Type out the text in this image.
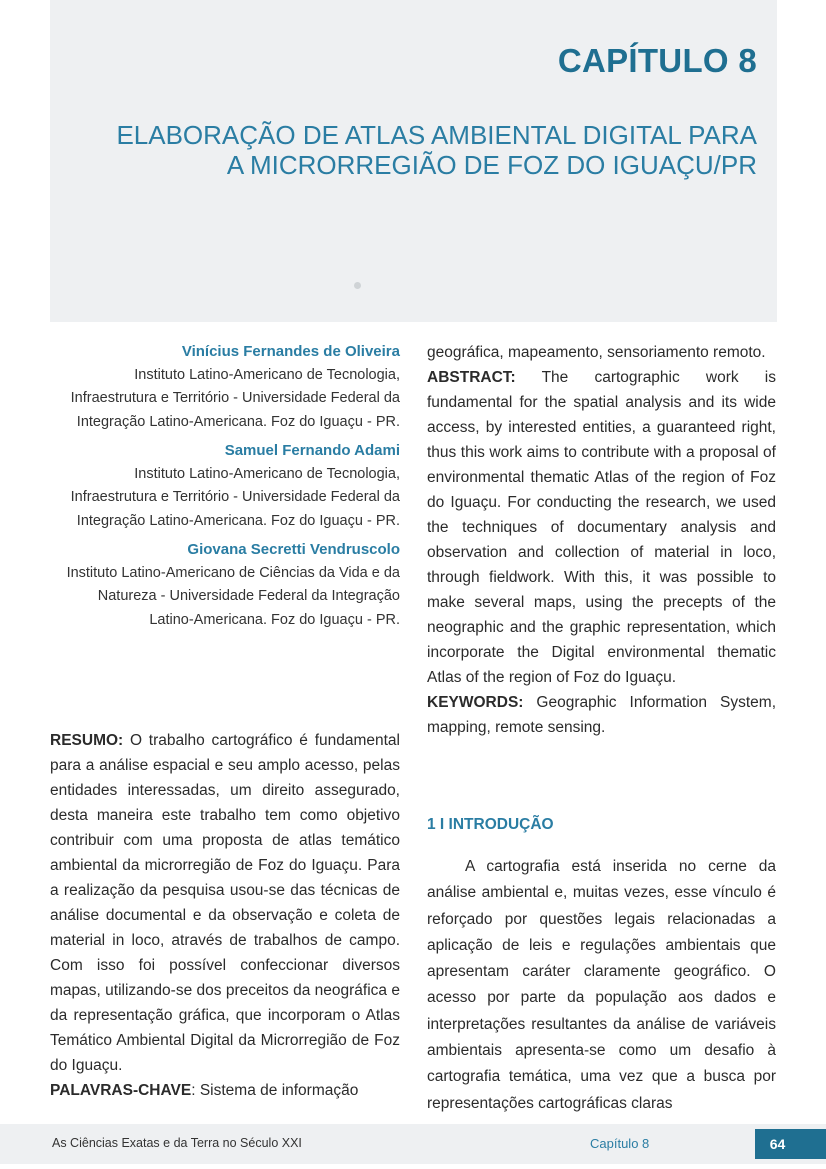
CAPÍTULO 8
ELABORAÇÃO DE ATLAS AMBIENTAL DIGITAL PARA
A MICRORREGIÃO DE FOZ DO IGUAÇU/PR
Vinícius Fernandes de Oliveira
Instituto Latino-Americano de Tecnologia, Infraestrutura e Território - Universidade Federal da Integração Latino-Americana. Foz do Iguaçu - PR.
Samuel Fernando Adami
Instituto Latino-Americano de Tecnologia, Infraestrutura e Território - Universidade Federal da Integração Latino-Americana. Foz do Iguaçu - PR.
Giovana Secretti Vendruscolo
Instituto Latino-Americano de Ciências da Vida e da Natureza - Universidade Federal da Integração Latino-Americana. Foz do Iguaçu - PR.

RESUMO: O trabalho cartográfico é fundamental para a análise espacial e seu amplo acesso, pelas entidades interessadas, um direito assegurado, desta maneira este trabalho tem como objetivo contribuir com uma proposta de atlas temático ambiental da microrregião de Foz do Iguaçu. Para a realização da pesquisa usou-se das técnicas de análise documental e da observação e coleta de material in loco, através de trabalhos de campo. Com isso foi possível confeccionar diversos mapas, utilizando-se dos preceitos da neográfica e da representação gráfica, que incorporam o Atlas Temático Ambiental Digital da Microrregião de Foz do Iguaçu.

PALAVRAS-CHAVE: Sistema de informação

geográfica, mapeamento, sensoriamento remoto.

ABSTRACT: The cartographic work is fundamental for the spatial analysis and its wide access, by interested entities, a guaranteed right, thus this work aims to contribute with a proposal of environmental thematic Atlas of the region of Foz do Iguaçu. For conducting the research, we used the techniques of documentary analysis and observation and collection of material in loco, through fieldwork. With this, it was possible to make several maps, using the precepts of the neographic and the graphic representation, which incorporate the Digital environmental thematic Atlas of the region of Foz do Iguaçu.

KEYWORDS: Geographic Information System, mapping, remote sensing.

1 I INTRODUÇÃO

A cartografia está inserida no cerne da análise ambiental e, muitas vezes, esse vínculo é reforçado por questões legais relacionadas a aplicação de leis e regulações ambientais que apresentam caráter claramente geográfico. O acesso por parte da população aos dados e interpretações resultantes da análise de variáveis ambientais apresenta-se como um desafio à cartografia temática, uma vez que a busca por representações cartográficas claras

As Ciências Exatas e da Terra no Século XXI	Capítulo 8	64
